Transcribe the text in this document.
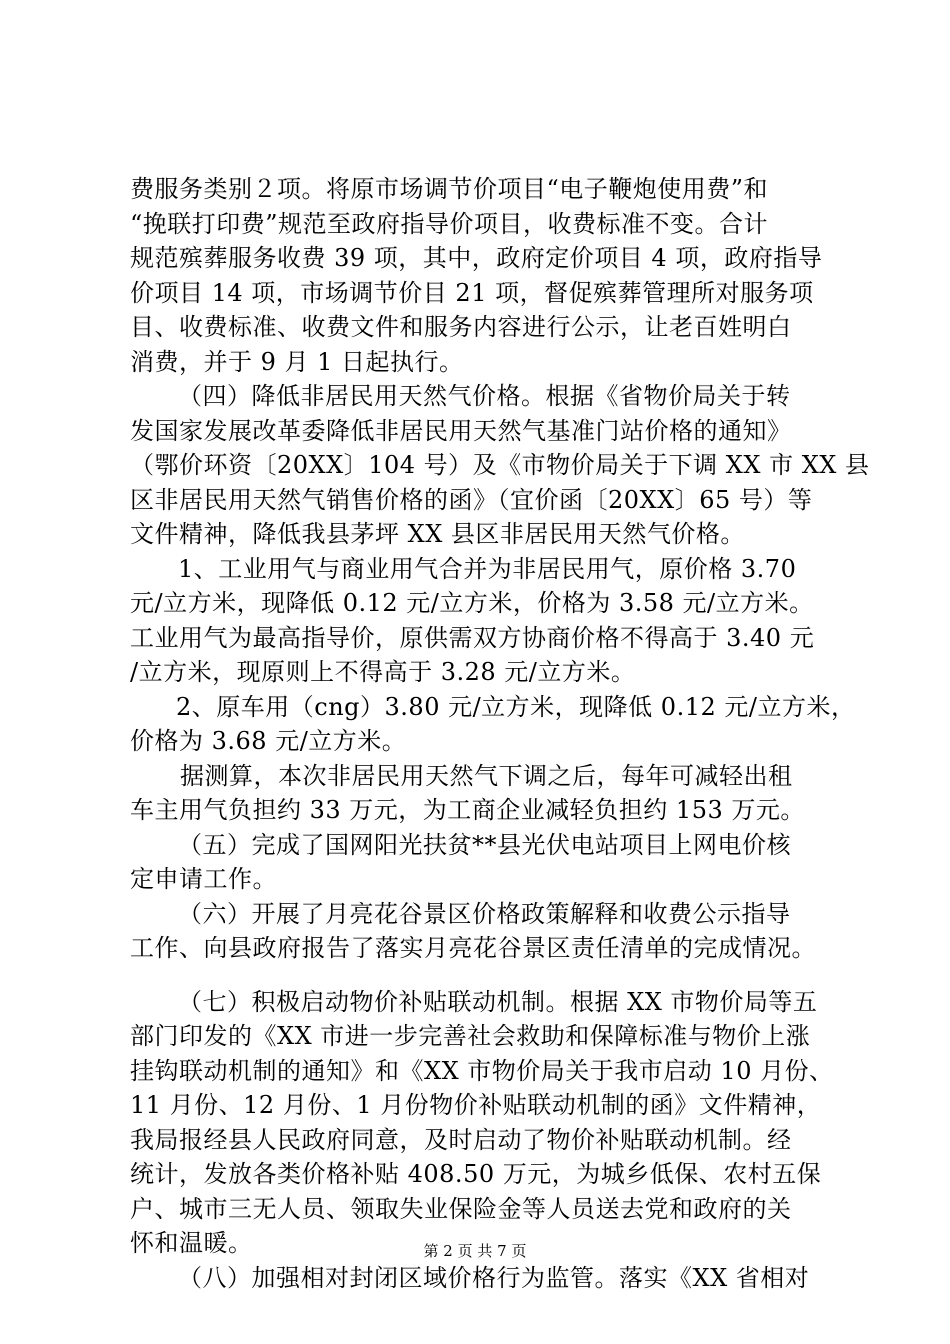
费服务类别２项。将原市场调节价项目“电子鞭炮使用费”和
“挽联打印费”规范至政府指导价项目，收费标准不变。合计
规范殡葬服务收费 39 项，其中，政府定价项目 4 项，政府指导
价项目 14 项，市场调节价目 21 项，督促殡葬管理所对服务项
目、收费标准、收费文件和服务内容进行公示，让老百姓明白
消费，并于 9 月 1 日起执行。
（四）降低非居民用天然气价格。根据《省物价局关于转
发国家发展改革委降低非居民用天然气基准门站价格的通知》
（鄂价环资〔20XX〕104 号）及《市物价局关于下调 XX 市 XX 县
区非居民用天然气销售价格的函》（宜价函〔20XX〕65 号）等
文件精神，降低我县茅坪 XX 县区非居民用天然气价格。
1、工业用气与商业用气合并为非居民用气，原价格 3.70
元/立方米，现降低 0.12 元/立方米，价格为 3.58 元/立方米。
工业用气为最高指导价，原供需双方协商价格不得高于 3.40 元
/立方米，现原则上不得高于 3.28 元/立方米。
2、原车用（cng）3.80 元/立方米，现降低 0.12 元/立方米，
价格为 3.68 元/立方米。
据测算，本次非居民用天然气下调之后，每年可减轻出租
车主用气负担约 33 万元，为工商企业减轻负担约 153 万元。
（五）完成了国网阳光扶贫**县光伏电站项目上网电价核
定申请工作。
（六）开展了月亮花谷景区价格政策解释和收费公示指导
工作、向县政府报告了落实月亮花谷景区责任清单的完成情况。
（七）积极启动物价补贴联动机制。根据 XX 市物价局等五
部门印发的《XX 市进一步完善社会救助和保障标准与物价上涨
挂钩联动机制的通知》和《XX 市物价局关于我市启动 10 月份、
11 月份、12 月份、1 月份物价补贴联动机制的函》文件精神，
我局报经县人民政府同意，及时启动了物价补贴联动机制。经
统计，发放各类价格补贴 408.50 万元，为城乡低保、农村五保
户、城市三无人员、领取失业保险金等人员送去党和政府的关
怀和温暖。
（八）加强相对封闭区域价格行为监管。落实《XX 省相对
第 2 页 共 7 页
